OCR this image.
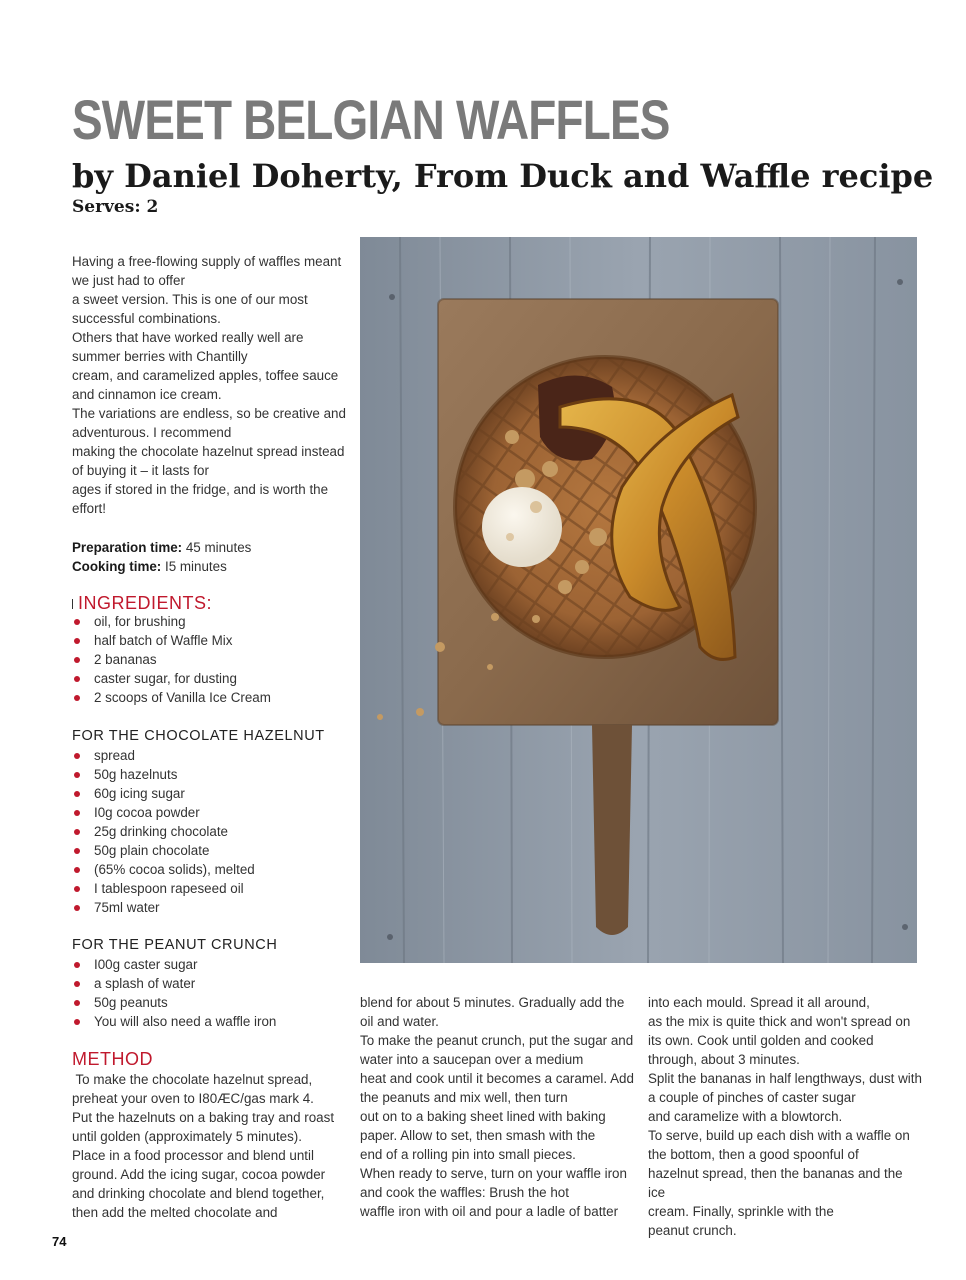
SWEET BELGIAN WAFFLES
by Daniel Doherty, From Duck and Waffle recipe
Serves: 2

Having a free-flowing supply of waffles meant

we just had to offer

a sweet version. This is one of our most

successful combinations.

Others that have worked really well are

summer berries with Chantilly

cream, and caramelized apples, toffee sauce

and cinnamon ice cream.

The variations are endless, so be creative and

adventurous. I recommend

making the chocolate hazelnut spread instead

of buying it – it lasts for

ages if stored in the fridge, and is worth the

effort!

Preparation time: 45 minutes

Cooking time: I5 minutes

INGREDIENTS:
oil, for brushing
half batch of Waffle Mix
2 bananas
caster sugar, for dusting
2 scoops of Vanilla Ice Cream
FOR THE CHOCOLATE HAZELNUT
spread
50g hazelnuts
60g icing sugar
I0g cocoa powder
25g drinking chocolate
50g plain chocolate
(65% cocoa solids), melted
I tablespoon rapeseed oil
75ml water
FOR THE PEANUT CRUNCH
I00g caster sugar
a splash of water
50g peanuts
You will also need a waffle iron
METHOD

To make the chocolate hazelnut spread,

preheat your oven to I80ÆC/gas mark 4.

Put the hazelnuts on a baking tray and roast

until golden (approximately 5 minutes).

Place in a food processor and blend until

ground. Add the icing sugar, cocoa powder

and drinking chocolate and blend together,

then add the melted chocolate and

blend for about 5 minutes. Gradually add the

oil and water.

To make the peanut crunch, put the sugar and

water into a saucepan over a medium

heat and cook until it becomes a caramel. Add

the peanuts and mix well, then turn

out on to a baking sheet lined with baking

paper. Allow to set, then smash with the

end of a rolling pin into small pieces.

When ready to serve, turn on your waffle iron

and cook the waffles: Brush the hot

waffle iron with oil and pour a ladle of batter

into each mould. Spread it all around,

as the mix is quite thick and won't spread on

its own. Cook until golden and cooked

through, about 3 minutes.

Split the bananas in half lengthways, dust with

a couple of pinches of caster sugar

and caramelize with a blowtorch.

To serve, build up each dish with a waffle on

the bottom, then a good spoonful of

hazelnut spread, then the bananas and the ice

cream. Finally, sprinkle with the

peanut crunch.

74
